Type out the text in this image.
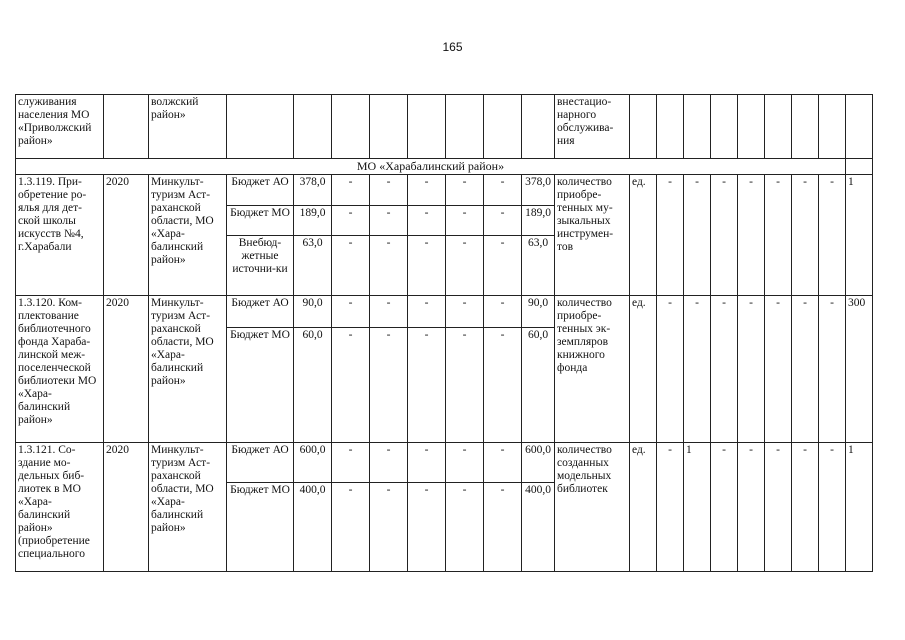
165
служивания населения МО «Приволжский район»		волжский район»									внестацио-нарного обслужива-ния									
МО «Харабалинский район»																				
1.3.119. При-обретение ро-ялья для дет-ской школы искусств №4, г.Харабали	2020	Минкульт-туризм Аст-раханской области, МО «Хара-балинский район»	Бюджет АО	378,0	-	-	-	-	-	378,0	количество приобре-тенных му-зыкальных инструмен-тов	ед.	-	-	-	-	-	-	-	1
			Бюджет МО	189,0	-	-	-	-	-	189,0										
			Внебюд-жетные источни-ки	63,0	-	-	-	-	-	63,0										
1.3.120. Ком-плектование библиотечного фонда Хараба-линской меж-поселенческой библиотеки МО «Хара-балинский район»	2020	Минкульт-туризм Аст-раханской области, МО «Хара-балинский район»	Бюджет АО	90,0	-	-	-	-	-	90,0	количество приобре-тенных эк-земпляров книжного фонда	ед.	-	-	-	-	-	-	-	300
			Бюджет МО	60,0	-	-	-	-	-	60,0										
1.3.121. Со-здание мо-дельных биб-лиотек в МО «Хара-балинский район» (приобретение специального	2020	Минкульт-туризм Аст-раханской области, МО «Хара-балинский район»	Бюджет АО	600,0	-	-	-	-	-	600,0	количество созданных модельных библиотек	ед.	-	1	-	-	-	-	-	1
			Бюджет МО	400,0	-	-	-	-	-	400,0										
